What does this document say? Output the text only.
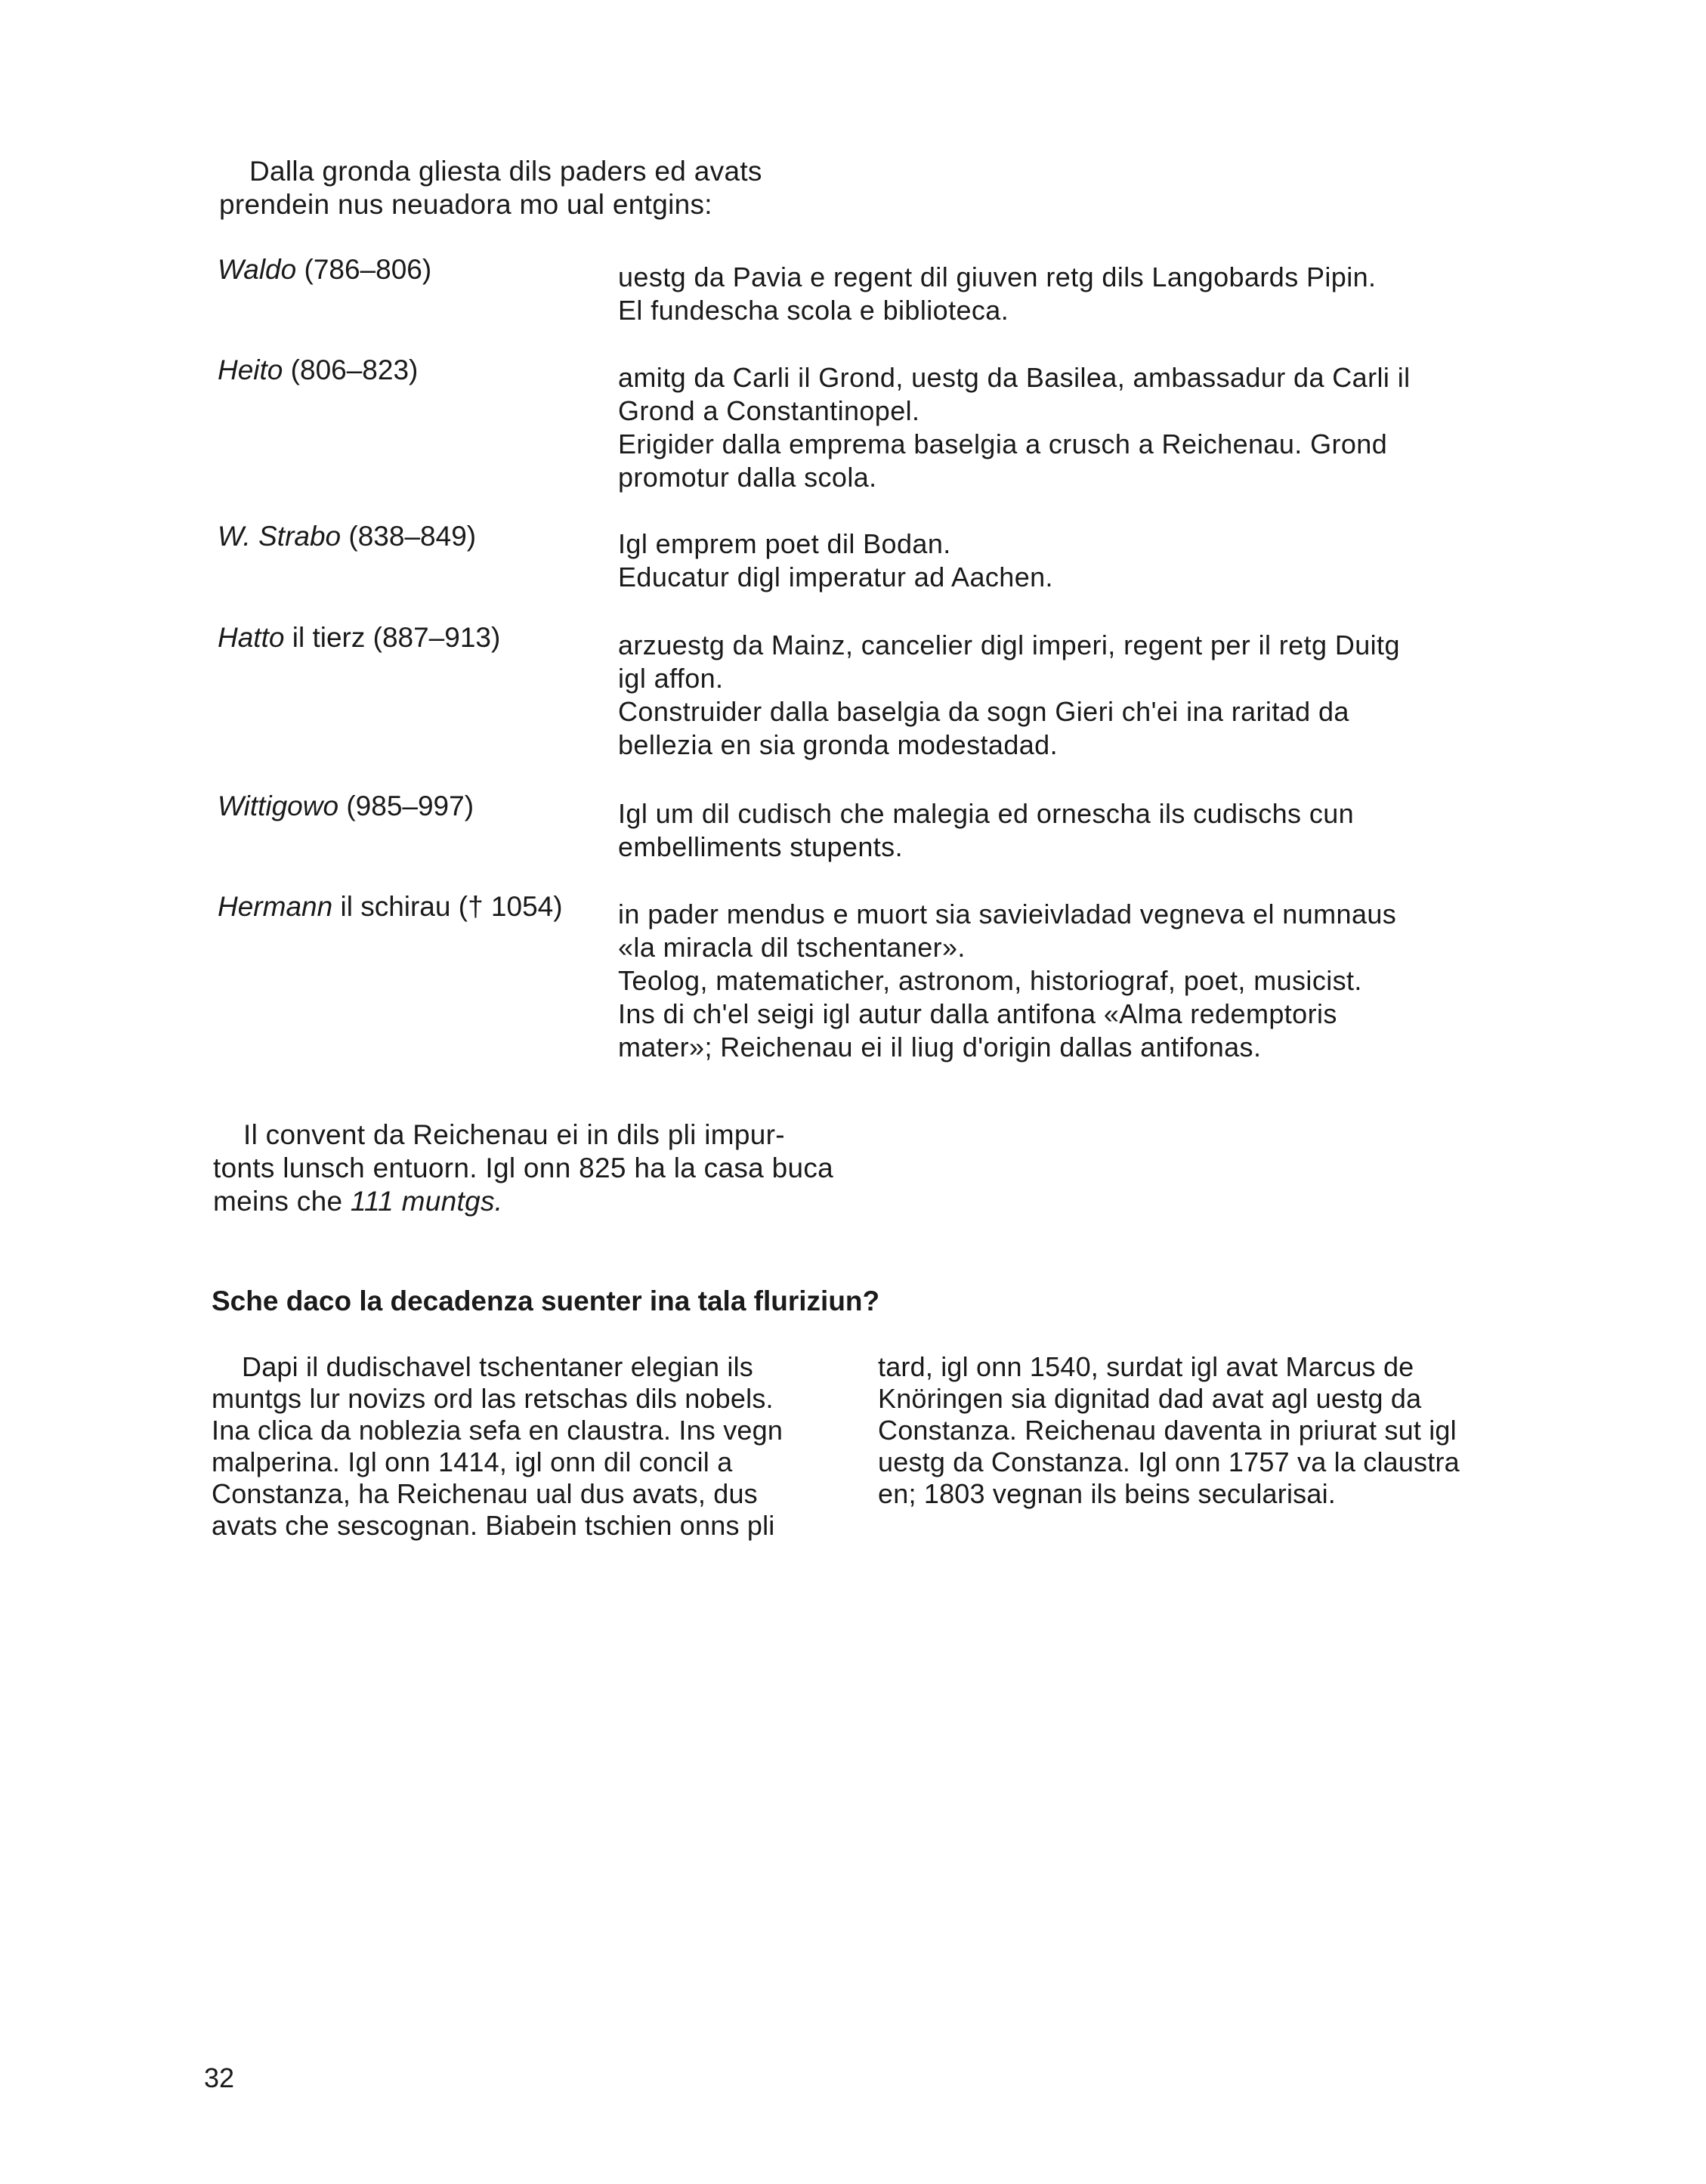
Dalla gronda gliesta dils paders ed avats
prendein nus neuadora mo ual entgins:
Waldo (786–806)	uestg da Pavia e regent dil giuven retg dils Langobards Pipin.
El fundescha scola e biblioteca.
Heito (806–823)	amitg da Carli il Grond, uestg da Basilea, ambassadur da Carli il
Grond a Constantinopel.
Erigider dalla emprema baselgia a crusch a Reichenau. Grond
promotur dalla scola.
W. Strabo (838–849)	Igl emprem poet dil Bodan.
Educatur digl imperatur ad Aachen.
Hatto il tierz (887–913)	arzuestg da Mainz, cancelier digl imperi, regent per il retg Duitg
igl affon.
Construider dalla baselgia da sogn Gieri ch'ei ina raritad da
bellezia en sia gronda modestadad.
Wittigowo (985–997)	Igl um dil cudisch che malegia ed ornescha ils cudischs cun
embelliments stupents.
Hermann il schirau († 1054)	in pader mendus e muort sia savieivladad vegneva el numnaus
«la miracla dil tschentaner».
Teolog, matematicher, astronom, historiograf, poet, musicist.
Ins di ch'el seigi igl autur dalla antifona «Alma redemptoris
mater»; Reichenau ei il liug d'origin dallas antifonas.
Il convent da Reichenau ei in dils pli impur-
tonts lunsch entuorn. Igl onn 825 ha la casa buca
meins che 111 muntgs.
Sche daco la decadenza suenter ina tala fluriziun?
Dapi il dudischavel tschentaner elegian ils
muntgs lur novizs ord las retschas dils nobels.
Ina clica da noblezia sefa en claustra. Ins vegn
malperina. Igl onn 1414, igl onn dil concil a
Constanza, ha Reichenau ual dus avats, dus
avats che sescognan. Biabein tschien onns pli
tard, igl onn 1540, surdat igl avat Marcus de
Knöringen sia dignitad dad avat agl uestg da
Constanza. Reichenau daventa in priurat sut igl
uestg da Constanza. Igl onn 1757 va la claustra
en; 1803 vegnan ils beins secularisai.
32
